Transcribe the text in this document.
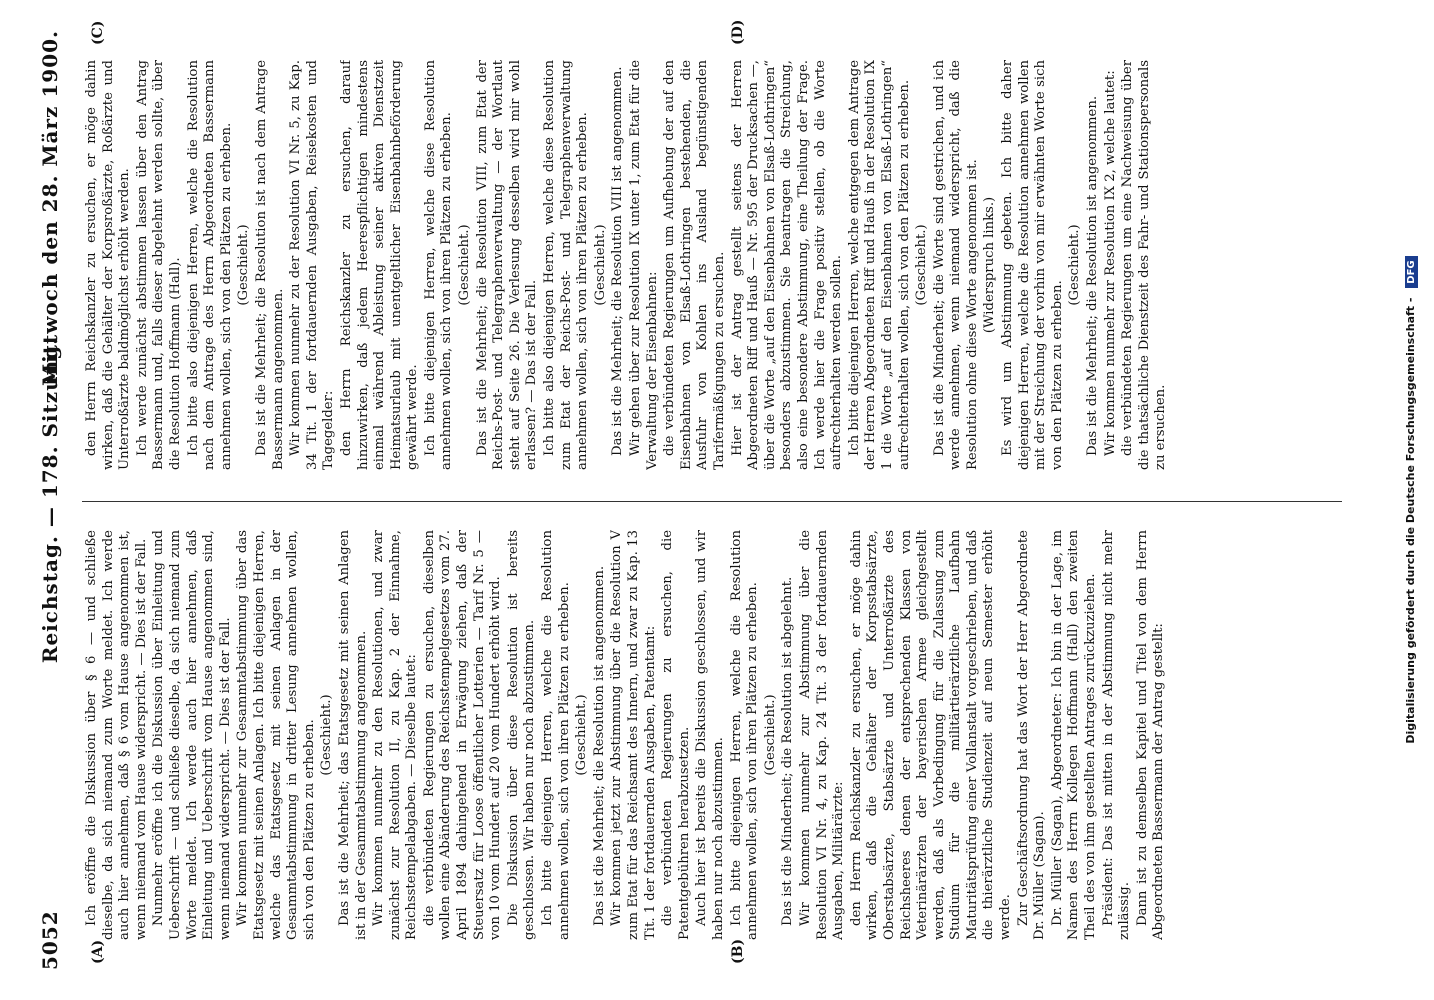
5052
Reichstag. — 178. Sitzung.
Mittwoch den 28. März 1900.
(A)	(B)
(C)	(D)

Ich eröffne die Diskussion über § 6 — und schließe dieselbe, da sich niemand zum Worte meldet. Ich werde auch hier annehmen, daß § 6 vom Hause angenommen ist, wenn niemand vom Hause widerspricht. — Dies ist der Fall. Nunmehr eröffne ich die Diskussion über Einleitung und Ueberschrift — und schließe dieselbe, da sich niemand zum Worte meldet. Ich werde auch hier annehmen, daß Einleitung und Ueberschrift vom Hause angenommen sind, wenn niemand widerspricht. — Dies ist der Fall. Wir kommen nunmehr zur Gesammtabstimmung über das Etatsgesetz mit seinen Anlagen. Ich bitte diejenigen Herren, welche das Etatsgesetz mit seinen Anlagen in der Gesammtabstimmung in dritter Lesung annehmen wollen, sich von den Plätzen zu erheben. (Geschieht.) Das ist die Mehrheit; das Etatsgesetz mit seinen Anlagen ist in der Gesammtabstimmung angenommen. Wir kommen nunmehr zu den Resolutionen, und zwar zunächst zur Resolution II, zu Kap. 2 der Einnahme, Reichsstempelabgaben. — Dieselbe lautet: die verbündeten Regierungen zu ersuchen, dieselben wollen eine Abänderung des Reichsstempelgesetzes vom 27. April 1894 dahingehend in Erwägung ziehen, daß der Steuersatz für Loose öffentlicher Lotterien — Tarif Nr. 5 — von 10 vom Hundert auf 20 vom Hundert erhöht wird. Die Diskussion über diese Resolution ist bereits geschlossen. Wir haben nur noch abzustimmen. Ich bitte diejenigen Herren, welche die Resolution annehmen wollen, sich von ihren Plätzen zu erheben. (Geschieht.) Das ist die Mehrheit; die Resolution ist angenommen. Wir kommen jetzt zur Abstimmung über die Resolution V zum Etat für das Reichsamt des Innern, und zwar zu Kap. 13 Tit. 1 der fortdauernden Ausgaben, Patentamt: die verbündeten Regierungen zu ersuchen, die Patentgebühren herabzusetzen. Auch hier ist bereits die Diskussion geschlossen, und wir haben nur noch abzustimmen. Ich bitte diejenigen Herren, welche die Resolution annehmen wollen, sich von ihren Plätzen zu erheben. (Geschieht.) Das ist die Minderheit; die Resolution ist abgelehnt. Wir kommen nunmehr zur Abstimmung über die Resolution VI Nr. 4, zu Kap. 24 Tit. 3 der fortdauernden Ausgaben, Militärärzte: den Herrn Reichskanzler zu ersuchen, er möge dahin wirken, daß die Gehälter der Korpsstabsärzte, Oberstabsärzte, Stabsärzte und Unterroßärzte des Reichsheeres denen der entsprechenden Klassen von Veterinärärzten der bayerischen Armee gleichgestellt werden, daß als Vorbedingung für die Zulassung zum Studium für die militärtierärztliche Laufbahn Maturitätsprüfung einer Vollanstalt vorgeschrieben, und daß die thierärztliche Studienzeit auf neun Semester erhöht werde. Zur Geschäftsordnung hat das Wort der Herr Abgeordnete Dr. Müller (Sagan). Dr. Müller (Sagan), Abgeordneter: Ich bin in der Lage, im Namen des Herrn Kollegen Hoffmann (Hall) den zweiten Theil des von ihm gestellten Antrages zurückzuziehen. Präsident: Das ist mitten in der Abstimmung nicht mehr zulässig. Dann ist zu demselben Kapitel und Titel von dem Herrn Abgeordneten Bassermann der Antrag gestellt:

den Herrn Reichskanzler zu ersuchen, er möge dahin wirken, daß die Gehälter der Korpsroßärzte, Roßärzte und Unterroßärzte baldmöglichst erhöht werden. Ich werde zunächst abstimmen lassen über den Antrag Bassermann und, falls dieser abgelehnt werden sollte, über die Resolution Hoffmann (Hall). Ich bitte also diejenigen Herren, welche die Resolution nach dem Antrage des Herrn Abgeordneten Bassermann annehmen wollen, sich von den Plätzen zu erheben. (Geschieht.) Das ist die Mehrheit; die Resolution ist nach dem Antrage Bassermann angenommen. Wir kommen nunmehr zu der Resolution VI Nr. 5, zu Kap. 34 Tit. 1 der fortdauernden Ausgaben, Reisekosten und Tagegelder: den Herrn Reichskanzler zu ersuchen, darauf hinzuwirken, daß jedem Heerespflichtigen mindestens einmal während Ableistung seiner aktiven Dienstzeit Heimatsurlaub mit unentgeltlicher Eisenbahnbeförderung gewährt werde. Ich bitte diejenigen Herren, welche diese Resolution annehmen wollen, sich von ihren Plätzen zu erheben. (Geschieht.) Das ist die Mehrheit; die Resolution VIII, zum Etat der Reichs-Post- und Telegraphenverwaltung — der Wortlaut steht auf Seite 26. Die Verlesung desselben wird mir wohl erlassen? — Das ist der Fall. Ich bitte also diejenigen Herren, welche diese Resolution zum Etat der Reichs-Post- und Telegraphenverwaltung annehmen wollen, sich von ihren Plätzen zu erheben. (Geschieht.) Das ist die Mehrheit; die Resolution VIII ist angenommen. Wir gehen über zur Resolution IX unter 1, zum Etat für die Verwaltung der Eisenbahnen: die verbündeten Regierungen um Aufhebung der auf den Eisenbahnen von Elsaß-Lothringen bestehenden, die Ausfuhr von Kohlen ins Ausland begünstigenden Tarifermäßigungen zu ersuchen. Hier ist der Antrag gestellt seitens der Herren Abgeordneten Riff und Hauß — Nr. 595 der Drucksachen —, über die Worte „auf den Eisenbahnen von Elsaß-Lothringen“ besonders abzustimmen. Sie beantragen die Streichung, also eine besondere Abstimmung, eine Theilung der Frage. Ich werde hier die Frage positiv stellen, ob die Worte aufrechterhalten werden sollen. Ich bitte diejenigen Herren, welche entgegen dem Antrage der Herren Abgeordneten Riff und Hauß in der Resolution IX 1 die Worte „auf den Eisenbahnen von Elsaß-Lothringen“ aufrechterhalten wollen, sich von den Plätzen zu erheben. (Geschieht.) Das ist die Minderheit; die Worte sind gestrichen, und ich werde annehmen, wenn niemand widerspricht, daß die Resolution ohne diese Worte angenommen ist. (Widerspruch links.) Es wird um Abstimmung gebeten. Ich bitte daher diejenigen Herren, welche die Resolution annehmen wollen mit der Streichung der vorhin von mir erwähnten Worte sich von den Plätzen zu erheben.

(Geschieht.) Das ist die Mehrheit; die Resolution ist angenommen. Wir kommen nunmehr zur Resolution IX 2, welche lautet: die verbündeten Regierungen um eine Nachweisung über die thatsächliche Dienstzeit des Fahr- und Stationspersonals zu ersuchen.	Digitalisierung gefördert durch die Deutsche Forschungsgemeinschaft - DFG
